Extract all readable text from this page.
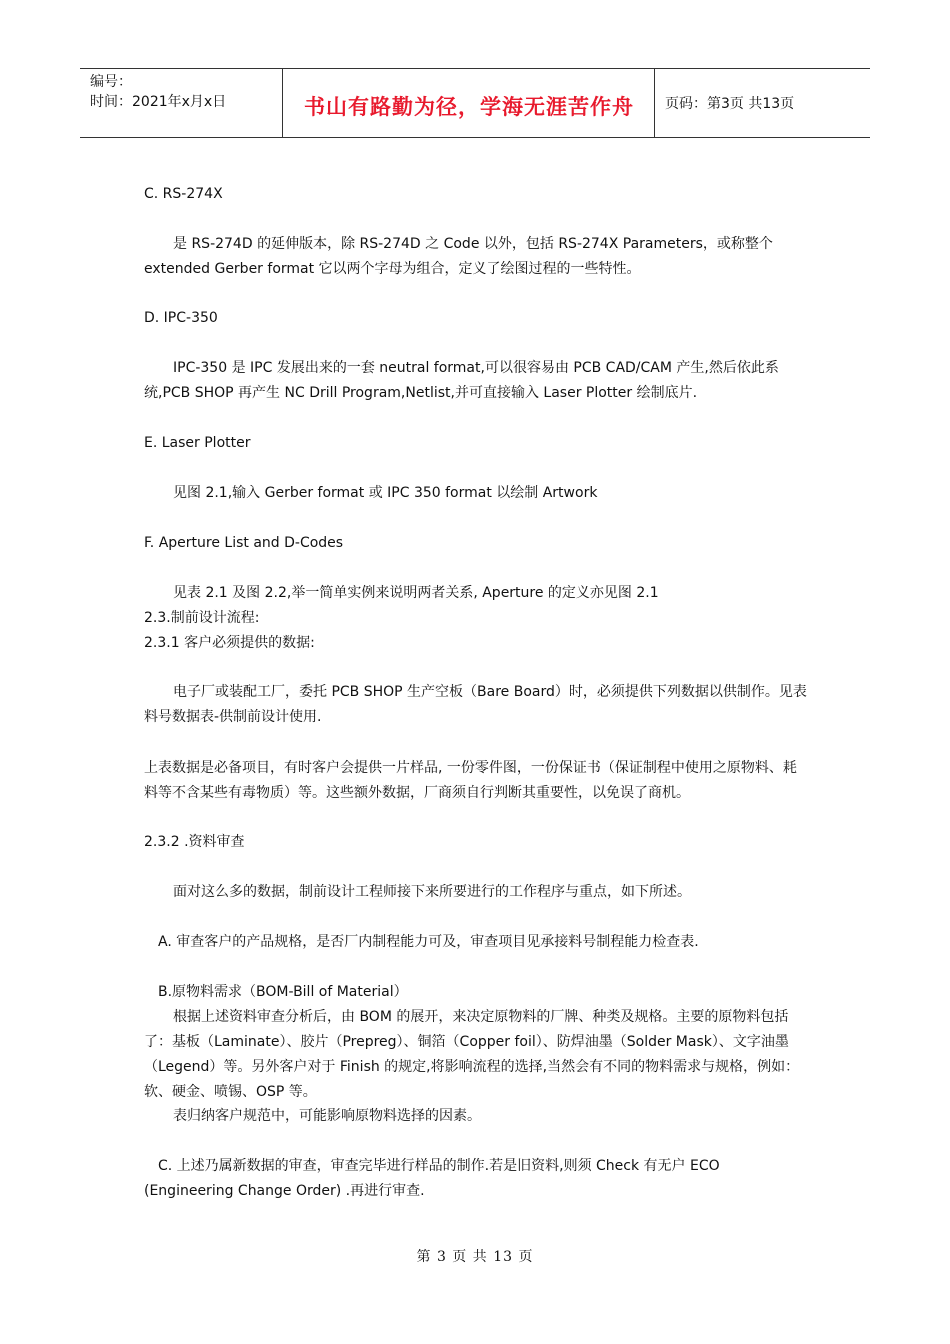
编号：
时间：2021年x月x日	书山有路勤为径，学海无涯苦作舟	页码：第3页 共13页

C. RS-274X

是 RS-274D 的延伸版本，除 RS-274D 之 Code 以外，包括 RS-274X Parameters，或称整个 extended Gerber format 它以两个字母为组合，定义了绘图过程的一些特性。

D. IPC-350

IPC-350 是 IPC 发展出来的一套 neutral format,可以很容易由 PCB CAD/CAM 产生,然后依此系统,PCB SHOP 再产生 NC Drill Program,Netlist,并可直接输入 Laser Plotter 绘制底片.

E. Laser Plotter

见图 2.1,输入 Gerber format 或 IPC 350 format 以绘制 Artwork

F. Aperture List and D-Codes

见表 2.1 及图 2.2,举一简单实例来说明两者关系, Aperture 的定义亦见图 2.1

2.3.制前设计流程:

2.3.1 客户必须提供的数据:

电子厂或装配工厂，委托 PCB SHOP 生产空板（Bare Board）时，必须提供下列数据以供制作。见表料号数据表-供制前设计使用.

上表数据是必备项目，有时客户会提供一片样品, 一份零件图，一份保证书（保证制程中使用之原物料、耗料等不含某些有毒物质）等。这些额外数据，厂商须自行判断其重要性，以免误了商机。

2.3.2 .资料审查

面对这么多的数据，制前设计工程师接下来所要进行的工作程序与重点，如下所述。

A. 审查客户的产品规格，是否厂内制程能力可及，审查项目见承接料号制程能力检查表.

B.原物料需求（BOM-Bill of Material）

根据上述资料审查分析后，由 BOM 的展开，来决定原物料的厂牌、种类及规格。主要的原物料包括了：基板（Laminate）、胶片（Prepreg）、铜箔（Copper foil）、防焊油墨（Solder Mask）、文字油墨（Legend）等。另外客户对于 Finish 的规定,将影响流程的选择,当然会有不同的物料需求与规格，例如：软、硬金、喷锡、OSP 等。

表归纳客户规范中，可能影响原物料选择的因素。

C. 上述乃属新数据的审查，审查完毕进行样品的制作.若是旧资料,则须 Check 有无户 ECO (Engineering Change Order) .再进行审查.

第 3 页 共 13 页
